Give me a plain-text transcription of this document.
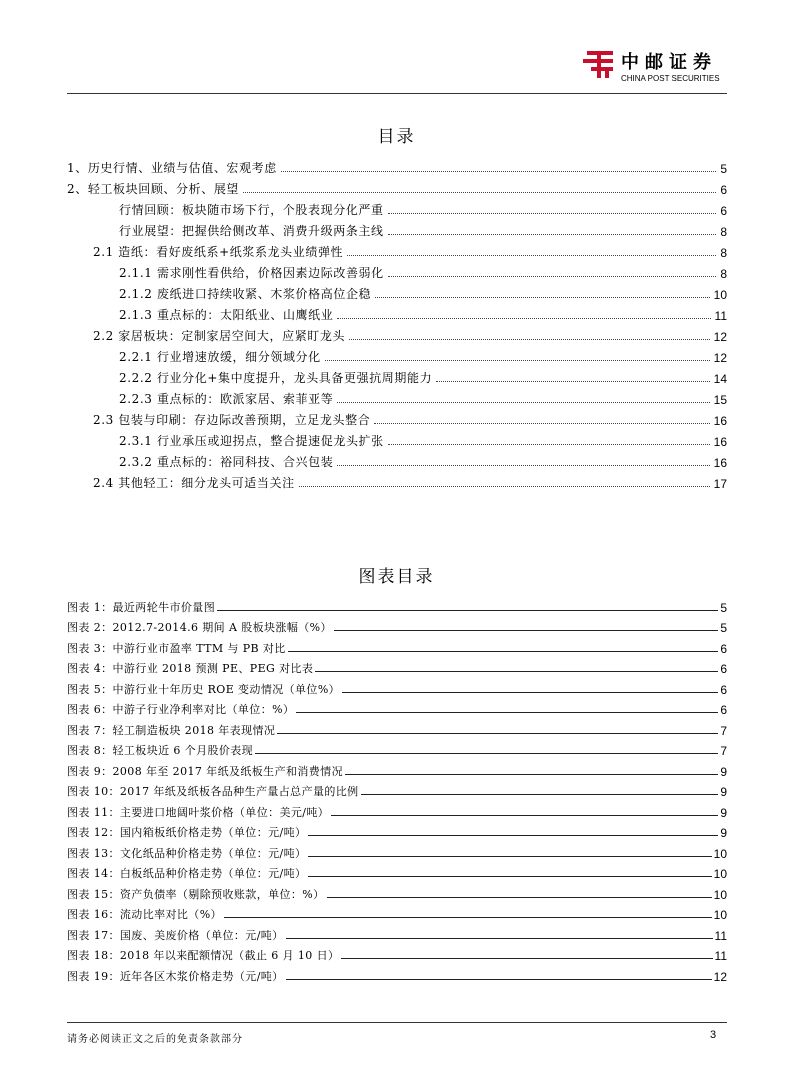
中邮证券
CHINA POST SECURITIES
目录
1、历史行情、业绩与估值、宏观考虑	5
2、轻工板块回顾、分析、展望	6
行情回顾：板块随市场下行，个股表现分化严重	6
行业展望：把握供给侧改革、消费升级两条主线	8
2.1 造纸：看好废纸系+纸浆系龙头业绩弹性	8
2.1.1 需求刚性看供给，价格因素边际改善弱化	8
2.1.2 废纸进口持续收紧、木浆价格高位企稳	10
2.1.3 重点标的：太阳纸业、山鹰纸业	11
2.2 家居板块：定制家居空间大，应紧盯龙头	12
2.2.1 行业增速放缓，细分领域分化	12
2.2.2 行业分化+集中度提升，龙头具备更强抗周期能力	14
2.2.3 重点标的：欧派家居、索菲亚等	15
2.3 包装与印刷：存边际改善预期，立足龙头整合	16
2.3.1 行业承压或迎拐点，整合提速促龙头扩张	16
2.3.2 重点标的：裕同科技、合兴包装	16
2.4 其他轻工：细分龙头可适当关注	17
图表目录
图表 1：最近两轮牛市价量图	5
图表 2：2012.7-2014.6 期间 A 股板块涨幅（%）	5
图表 3：中游行业市盈率 TTM 与 PB 对比	6
图表 4：中游行业 2018 预测 PE、PEG 对比表	6
图表 5：中游行业十年历史 ROE 变动情况（单位%）	6
图表 6：中游子行业净利率对比（单位：%）	6
图表 7：轻工制造板块 2018 年表现情况	7
图表 8：轻工板块近 6 个月股价表现	7
图表 9：2008 年至 2017 年纸及纸板生产和消费情况	9
图表 10：2017 年纸及纸板各品种生产量占总产量的比例	9
图表 11：主要进口地阔叶浆价格（单位：美元/吨）	9
图表 12：国内箱板纸价格走势（单位：元/吨）	9
图表 13：文化纸品种价格走势（单位：元/吨）	10
图表 14：白板纸品种价格走势（单位：元/吨）	10
图表 15：资产负债率（剔除预收账款，单位：%）	10
图表 16：流动比率对比（%）	10
图表 17：国废、美废价格（单位：元/吨）	11
图表 18：2018 年以来配额情况（截止 6 月 10 日）	11
图表 19：近年各区木浆价格走势（元/吨）	12
请务必阅读正文之后的免责条款部分	3
